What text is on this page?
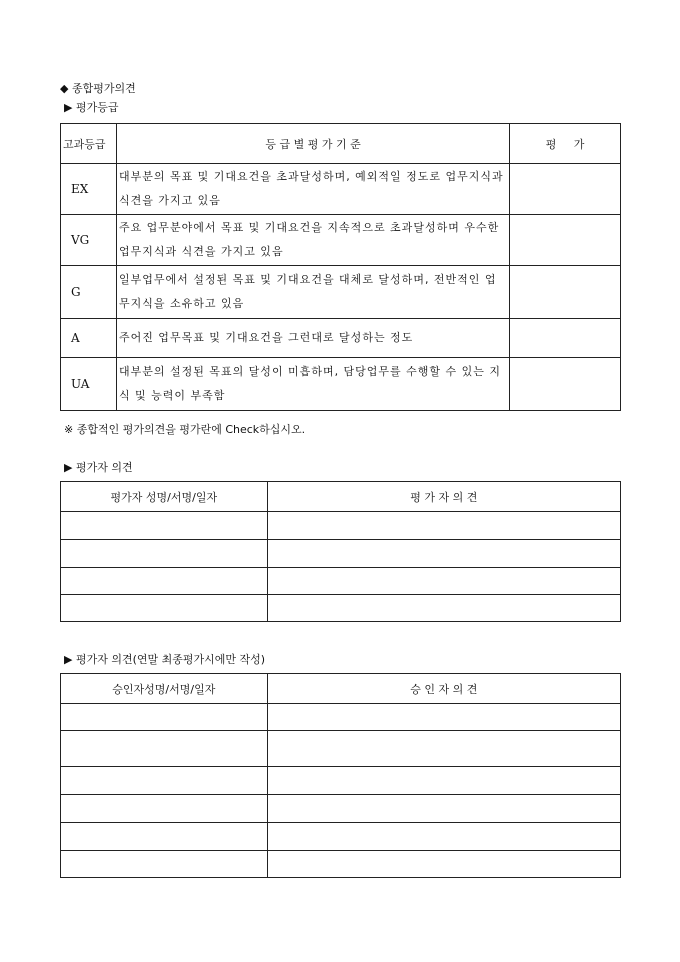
◆ 종합평가의견
▶ 평가등급
고과등급	등 급 별 평 가 기 준	평     가
EX	대부분의 목표 및 기대요건을 초과달성하며, 예외적일 정도로 업무지식과 식견을 가지고 있음	
VG	주요 업무분야에서 목표 및 기대요건을 지속적으로 초과달성하며 우수한 업무지식과 식견을 가지고 있음	
G	일부업무에서 설정된 목표 및 기대요건을 대체로 달성하며, 전반적인 업무지식을 소유하고 있음	
A	주어진 업무목표 및 기대요건을 그런대로 달성하는 정도	
UA	대부분의 설정된 목표의 달성이 미흡하며, 담당업무를 수행할 수 있는 지식 및 능력이 부족함	
※ 종합적인 평가의견을 평가란에 Check하십시오.
▶ 평가자 의견
평가자 성명/서명/일자	평 가 자 의 견

▶ 평가자 의견(연말 최종평가시에만 작성)
승인자성명/서명/일자	승 인 자 의 견
